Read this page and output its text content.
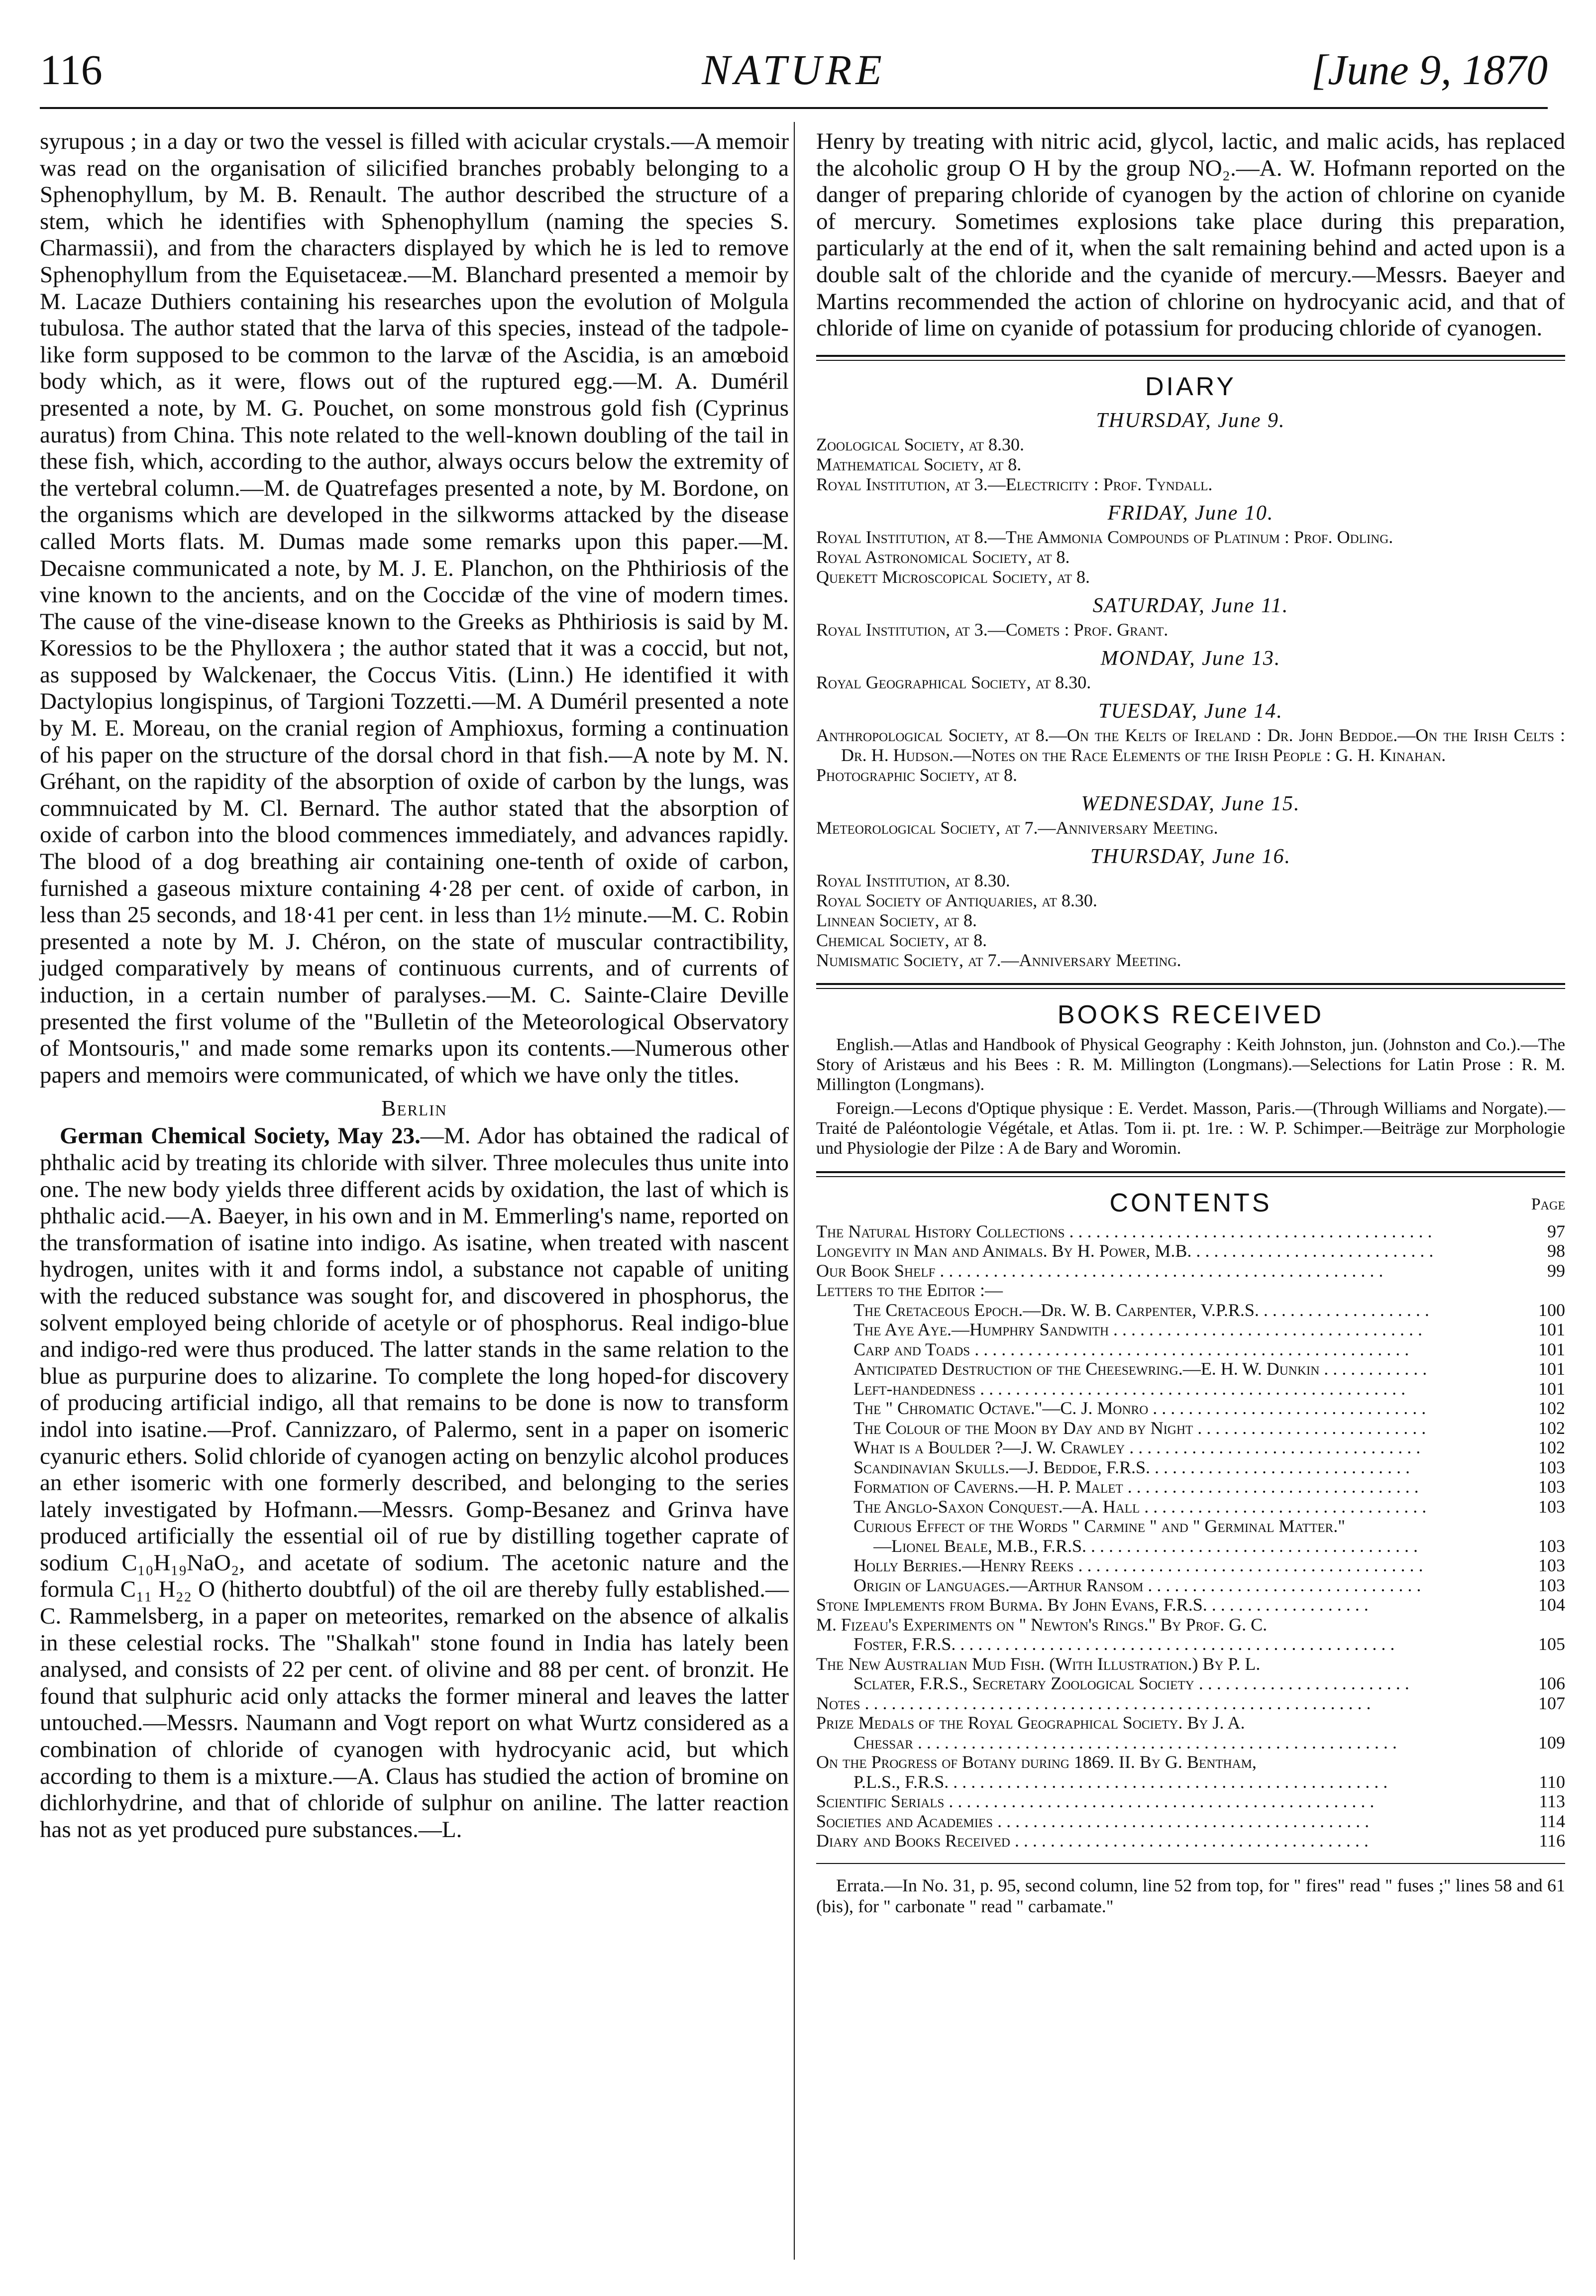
NATURE
116	[June 9, 1870

syrupous ; in a day or two the vessel is filled with acicular crystals.—A memoir was read on the organisation of silicified branches probably belonging to a Sphenophyllum, by M. B. Renault. The author described the structure of a stem, which he identifies with Sphenophyllum (naming the species S. Charmassii), and from the characters displayed by which he is led to remove Sphenophyllum from the Equisetaceæ.—M. Blanchard presented a memoir by M. Lacaze Duthiers containing his researches upon the evolution of Molgula tubulosa. The author stated that the larva of this species, instead of the tadpole-like form supposed to be common to the larvæ of the Ascidia, is an amœboid body which, as it were, flows out of the ruptured egg.—M. A. Duméril presented a note, by M. G. Pouchet, on some monstrous gold fish (Cyprinus auratus) from China. This note related to the well-known doubling of the tail in these fish, which, according to the author, always occurs below the extremity of the vertebral column.—M. de Quatrefages presented a note, by M. Bordone, on the organisms which are developed in the silkworms attacked by the disease called Morts flats. M. Dumas made some remarks upon this paper.—M. Decaisne communicated a note, by M. J. E. Planchon, on the Phthiriosis of the vine known to the ancients, and on the Coccidæ of the vine of modern times. The cause of the vine-disease known to the Greeks as Phthiriosis is said by M. Koressios to be the Phylloxera ; the author stated that it was a coccid, but not, as supposed by Walckenaer, the Coccus Vitis. (Linn.) He identified it with Dactylopius longispinus, of Targioni Tozzetti.—M. A Duméril presented a note by M. E. Moreau, on the cranial region of Amphioxus, forming a continuation of his paper on the structure of the dorsal chord in that fish.—A note by M. N. Gréhant, on the rapidity of the absorption of oxide of carbon by the lungs, was commnuicated by M. Cl. Bernard. The author stated that the absorption of oxide of carbon into the blood commences immediately, and advances rapidly. The blood of a dog breathing air containing one-tenth of oxide of carbon, furnished a gaseous mixture containing 4·28 per cent. of oxide of carbon, in less than 25 seconds, and 18·41 per cent. in less than 1½ minute.—M. C. Robin presented a note by M. J. Chéron, on the state of muscular contractibility, judged comparatively by means of continuous currents, and of currents of induction, in a certain number of paralyses.—M. C. Sainte-Claire Deville presented the first volume of the "Bulletin of the Meteorological Observatory of Montsouris," and made some remarks upon its contents.—Numerous other papers and memoirs were communicated, of which we have only the titles.

Berlin

German Chemical Society, May 23.—M. Ador has obtained the radical of phthalic acid by treating its chloride with silver. Three molecules thus unite into one. The new body yields three different acids by oxidation, the last of which is phthalic acid.—A. Baeyer, in his own and in M. Emmerling's name, reported on the transformation of isatine into indigo. As isatine, when treated with nascent hydrogen, unites with it and forms indol, a substance not capable of uniting with the reduced substance was sought for, and discovered in phosphorus, the solvent employed being chloride of acetyle or of phosphorus. Real indigo-blue and indigo-red were thus produced. The latter stands in the same relation to the blue as purpurine does to alizarine. To complete the long hoped-for discovery of producing artificial indigo, all that remains to be done is now to transform indol into isatine.—Prof. Cannizzaro, of Palermo, sent in a paper on isomeric cyanuric ethers. Solid chloride of cyanogen acting on benzylic alcohol produces an ether isomeric with one formerly described, and belonging to the series lately investigated by Hofmann.—Messrs. Gomp-Besanez and Grinva have produced artificially the essential oil of rue by distilling together caprate of sodium C₁₀H₁₉NaO₂, and acetate of sodium. The acetonic nature and the formula C₁₁ H₂₂ O (hitherto doubtful) of the oil are thereby fully established.—C. Rammelsberg, in a paper on meteorites, remarked on the absence of alkalis in these celestial rocks. The "Shalkah" stone found in India has lately been analysed, and consists of 22 per cent. of olivine and 88 per cent. of bronzit. He found that sulphuric acid only attacks the former mineral and leaves the latter untouched.—Messrs. Naumann and Vogt report on what Wurtz considered as a combination of chloride of cyanogen with hydrocyanic acid, but which according to them is a mixture.—A. Claus has studied the action of bromine on dichlorhydrine, and that of chloride of sulphur on aniline. The latter reaction has not as yet produced pure substances.—L.

Henry by treating with nitric acid, glycol, lactic, and malic acids, has replaced the alcoholic group O H by the group NO₂.—A. W. Hofmann reported on the danger of preparing chloride of cyanogen by the action of chlorine on cyanide of mercury. Sometimes explosions take place during this preparation, particularly at the end of it, when the salt remaining behind and acted upon is a double salt of the chloride and the cyanide of mercury.—Messrs. Baeyer and Martins recommended the action of chlorine on hydrocyanic acid, and that of chloride of lime on cyanide of potassium for producing chloride of cyanogen.

DIARY
THURSDAY, June 9.

Zoological Society, at 8.30.

Mathematical Society, at 8.

Royal Institution, at 3.—Electricity : Prof. Tyndall.

FRIDAY, June 10.

Royal Institution, at 8.—The Ammonia Compounds of Platinum : Prof. Odling.

Royal Astronomical Society, at 8.

Quekett Microscopical Society, at 8.

SATURDAY, June 11.

Royal Institution, at 3.—Comets : Prof. Grant.

MONDAY, June 13.

Royal Geographical Society, at 8.30.

TUESDAY, June 14.

Anthropological Society, at 8.—On the Kelts of Ireland : Dr. John Beddoe.—On the Irish Celts : Dr. H. Hudson.—Notes on the Race Elements of the Irish People : G. H. Kinahan.

Photographic Society, at 8.

WEDNESDAY, June 15.

Meteorological Society, at 7.—Anniversary Meeting.

THURSDAY, June 16.

Royal Institution, at 8.30.

Royal Society of Antiquaries, at 8.30.

Linnean Society, at 8.

Chemical Society, at 8.

Numismatic Society, at 7.—Anniversary Meeting.

BOOKS RECEIVED

English.—Atlas and Handbook of Physical Geography : Keith Johnston, jun. (Johnston and Co.).—The Story of Aristæus and his Bees : R. M. Millington (Longmans).—Selections for Latin Prose : R. M. Millington (Longmans).

Foreign.—Lecons d'Optique physique : E. Verdet. Masson, Paris.—(Through Williams and Norgate).—Traité de Paléontologie Végétale, et Atlas. Tom ii. pt. 1re. : W. P. Schimper.—Beiträge zur Morphologie und Physiologie der Pilze : A de Bary and Woromin.

CONTENTS	Page
The Natural History Collections . . . . . . . . . . . . . . . . . . . . . . . . . . . . . . . . . . . . . . . . .	97
Longevity in Man and Animals. By H. Power, M.B. . . . . . . . . . . . . . . . . . . . . . . . . . . .	98
Our Book Shelf . . . . . . . . . . . . . . . . . . . . . . . . . . . . . . . . . . . . . . . . . . . . . . . . . .	99
Letters to the Editor :—
The Cretaceous Epoch.—Dr. W. B. Carpenter, V.P.R.S. . . . . . . . . . . . . . . . . . . .	100
The Aye Aye.—Humphry Sandwith . . . . . . . . . . . . . . . . . . . . . . . . . . . . . . . . . . .	101
Carp and Toads . . . . . . . . . . . . . . . . . . . . . . . . . . . . . . . . . . . . . . . . . . . . . . . . .	101
Anticipated Destruction of the Cheesewring.—E. H. W. Dunkin . . . . . . . . . . . .	101
Left-handedness . . . . . . . . . . . . . . . . . . . . . . . . . . . . . . . . . . . . . . . . . . . . . . . .	101
The " Chromatic Octave."—C. J. Monro . . . . . . . . . . . . . . . . . . . . . . . . . . . . . . .	102
The Colour of the Moon by Day and by Night . . . . . . . . . . . . . . . . . . . . . . . . . .	102
What is a Boulder ?—J. W. Crawley . . . . . . . . . . . . . . . . . . . . . . . . . . . . . . . . .	102
Scandinavian Skulls.—J. Beddoe, F.R.S. . . . . . . . . . . . . . . . . . . . . . . . . . . . . .	103
Formation of Caverns.—H. P. Malet . . . . . . . . . . . . . . . . . . . . . . . . . . . . . . . . .	103
The Anglo-Saxon Conquest.—A. Hall . . . . . . . . . . . . . . . . . . . . . . . . . . . . . . . .	103
Curious Effect of the Words " Carmine " and " Germinal Matter."
—Lionel Beale, M.B., F.R.S. . . . . . . . . . . . . . . . . . . . . . . . . . . . . . . . . . . . . .	103
Holly Berries.—Henry Reeks . . . . . . . . . . . . . . . . . . . . . . . . . . . . . . . . . . . . . . .	103
Origin of Languages.—Arthur Ransom . . . . . . . . . . . . . . . . . . . . . . . . . . . . . . .	103
Stone Implements from Burma. By John Evans, F.R.S. . . . . . . . . . . . . . . . . . .	104
M. Fizeau's Experiments on " Newton's Rings." By Prof. G. C.
Foster, F.R.S. . . . . . . . . . . . . . . . . . . . . . . . . . . . . . . . . . . . . . . . . . . . . . . . . .	105
The New Australian Mud Fish. (With Illustration.) By P. L.
Sclater, F.R.S., Secretary Zoological Society . . . . . . . . . . . . . . . . . . . . . . . .	106
Notes . . . . . . . . . . . . . . . . . . . . . . . . . . . . . . . . . . . . . . . . . . . . . . . . . . . . . . . . .	107
Prize Medals of the Royal Geographical Society. By J. A.
Chessar . . . . . . . . . . . . . . . . . . . . . . . . . . . . . . . . . . . . . . . . . . . . . . . . . . . . . .	109
On the Progress of Botany during 1869. II. By G. Bentham,
P.L.S., F.R.S. . . . . . . . . . . . . . . . . . . . . . . . . . . . . . . . . . . . . . . . . . . . . . . . . .	110
Scientific Serials . . . . . . . . . . . . . . . . . . . . . . . . . . . . . . . . . . . . . . . . . . . . . . . .	113
Societies and Academies . . . . . . . . . . . . . . . . . . . . . . . . . . . . . . . . . . . . . . . . . .	114
Diary and Books Received . . . . . . . . . . . . . . . . . . . . . . . . . . . . . . . . . . . . . . . .	116

Errata.—In No. 31, p. 95, second column, line 52 from top, for " fires" read " fuses ;" lines 58 and 61 (bis), for " carbonate " read " carbamate."
